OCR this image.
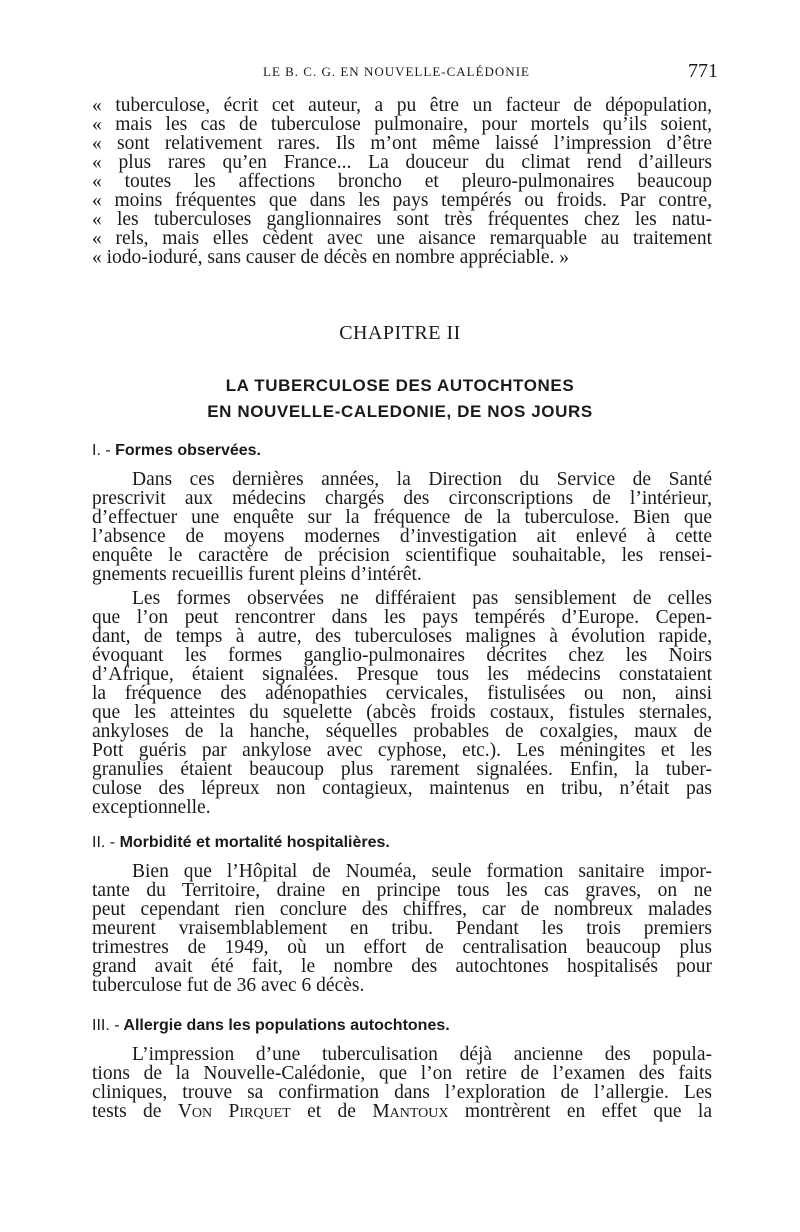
LE B. C. G. EN NOUVELLE-CALÉDONIE	771
« tuberculose, écrit cet auteur, a pu être un facteur de dépopulation,
« mais les cas de tuberculose pulmonaire, pour mortels qu’ils soient,
« sont relativement rares. Ils m’ont même laissé l’impression d’être
« plus rares qu’en France... La douceur du climat rend d’ailleurs
« toutes les affections broncho et pleuro-pulmonaires beaucoup
« moins fréquentes que dans les pays tempérés ou froids. Par contre,
« les tuberculoses ganglionnaires sont très fréquentes chez les natu-
« rels, mais elles cèdent avec une aisance remarquable au traitement
« iodo-ioduré, sans causer de décès en nombre appréciable. »
CHAPITRE II
LA TUBERCULOSE DES AUTOCHTONES
EN NOUVELLE-CALEDONIE, DE NOS JOURS
I. - Formes observées.
Dans ces dernières années, la Direction du Service de Santé
prescrivit aux médecins chargés des circonscriptions de l’intérieur,
d’effectuer une enquête sur la fréquence de la tuberculose. Bien que
l’absence de moyens modernes d’investigation ait enlevé à cette
enquête le caractère de précision scientifique souhaitable, les rensei-
gnements recueillis furent pleins d’intérêt.
Les formes observées ne différaient pas sensiblement de celles
que l’on peut rencontrer dans les pays tempérés d’Europe. Cepen-
dant, de temps à autre, des tuberculoses malignes à évolution rapide,
évoquant les formes ganglio-pulmonaires décrites chez les Noirs
d’Afrique, étaient signalées. Presque tous les médecins constataient
la fréquence des adénopathies cervicales, fistulisées ou non, ainsi
que les atteintes du squelette (abcès froids costaux, fistules sternales,
ankyloses de la hanche, séquelles probables de coxalgies, maux de
Pott guéris par ankylose avec cyphose, etc.). Les méningites et les
granulies étaient beaucoup plus rarement signalées. Enfin, la tuber-
culose des lépreux non contagieux, maintenus en tribu, n’était pas
exceptionnelle.
II. - Morbidité et mortalité hospitalières.
Bien que l’Hôpital de Nouméa, seule formation sanitaire impor-
tante du Territoire, draine en principe tous les cas graves, on ne
peut cependant rien conclure des chiffres, car de nombreux malades
meurent vraisemblablement en tribu. Pendant les trois premiers
trimestres de 1949, où un effort de centralisation beaucoup plus
grand avait été fait, le nombre des autochtones hospitalisés pour
tuberculose fut de 36 avec 6 décès.
III. - Allergie dans les populations autochtones.
L’impression d’une tuberculisation déjà ancienne des popula-
tions de la Nouvelle-Calédonie, que l’on retire de l’examen des faits
cliniques, trouve sa confirmation dans l’exploration de l’allergie. Les
tests de Von Pirquet et de Mantoux montrèrent en effet que la
